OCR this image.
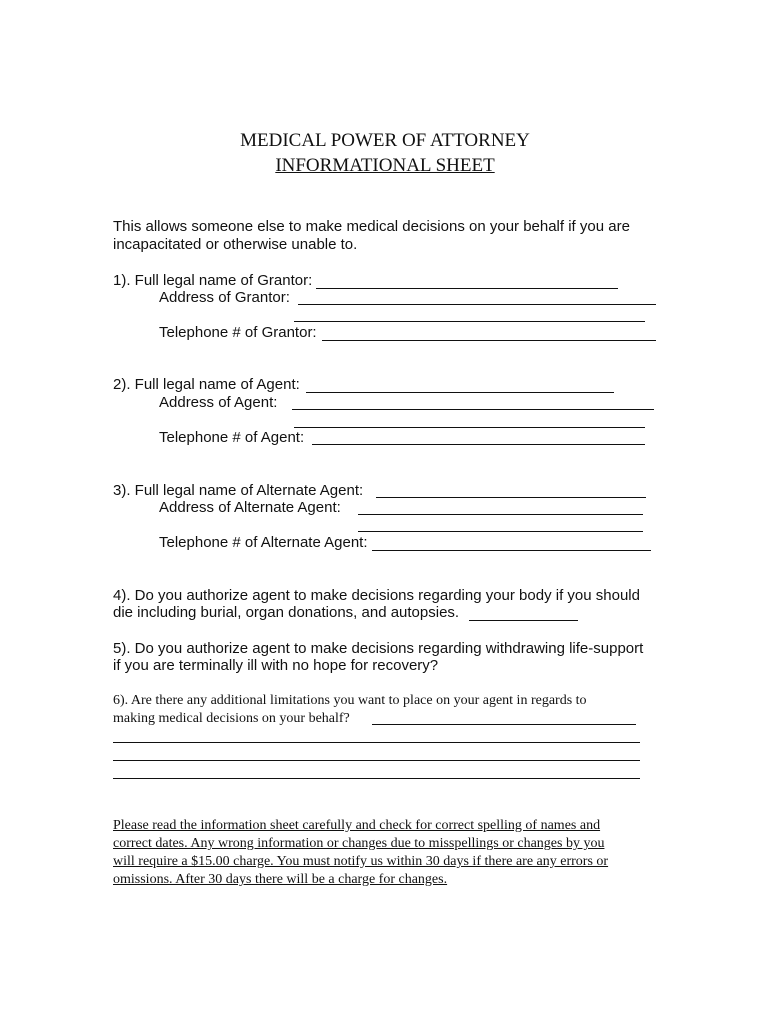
MEDICAL POWER OF ATTORNEY
INFORMATIONAL SHEET
This allows someone else to make medical decisions on your behalf if you are
incapacitated or otherwise unable to.
1). Full legal name of Grantor:
Address of Grantor:
Telephone # of Grantor:
2). Full legal name of Agent:
Address of Agent:
Telephone # of Agent:
3). Full legal name of Alternate Agent:
Address of Alternate Agent:
Telephone # of Alternate Agent:
4). Do you authorize agent to make decisions regarding your body if you should
die including burial, organ donations, and autopsies.
5). Do you authorize agent to make decisions regarding withdrawing life-support
if you are terminally ill with no hope for recovery?
6). Are there any additional limitations you want to place on your agent in regards to
making medical decisions on your behalf?
Please read the information sheet carefully and check for correct spelling of names and
correct dates. Any wrong information or changes due to misspellings or changes by you
will require a $15.00 charge. You must notify us within 30 days if there are any errors or
omissions. After 30 days there will be a charge for changes.
